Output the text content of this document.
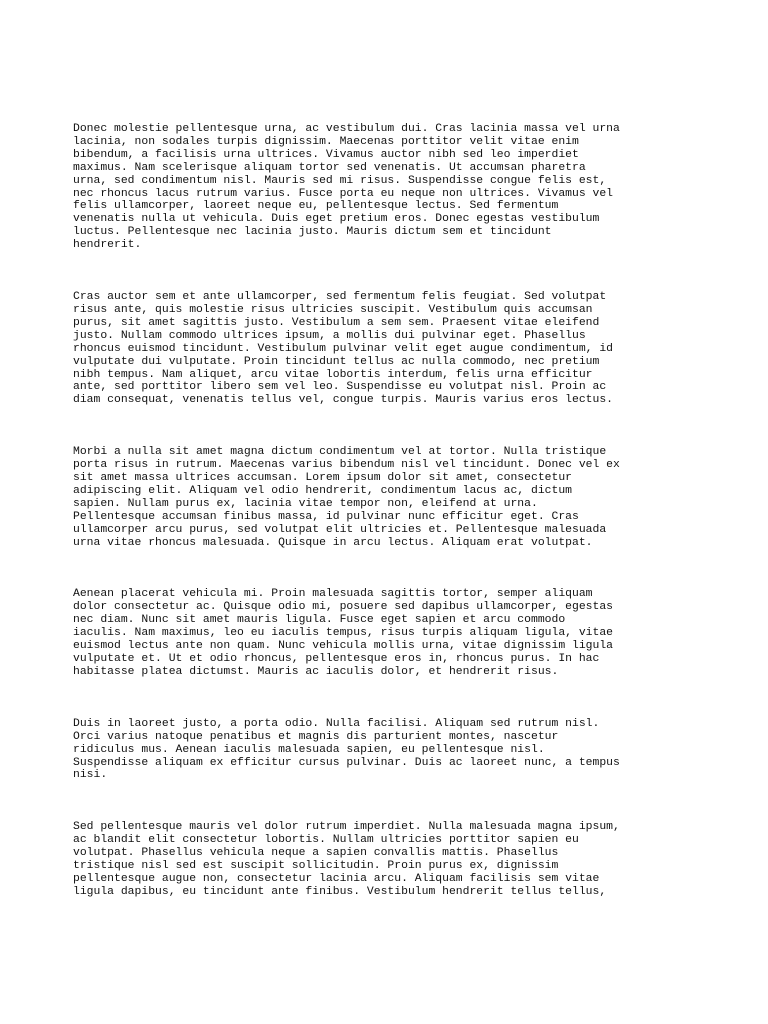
Donec molestie pellentesque urna, ac vestibulum dui. Cras lacinia massa vel urna
lacinia, non sodales turpis dignissim. Maecenas porttitor velit vitae enim
bibendum, a facilisis urna ultrices. Vivamus auctor nibh sed leo imperdiet
maximus. Nam scelerisque aliquam tortor sed venenatis. Ut accumsan pharetra
urna, sed condimentum nisl. Mauris sed mi risus. Suspendisse congue felis est,
nec rhoncus lacus rutrum varius. Fusce porta eu neque non ultrices. Vivamus vel
felis ullamcorper, laoreet neque eu, pellentesque lectus. Sed fermentum
venenatis nulla ut vehicula. Duis eget pretium eros. Donec egestas vestibulum
luctus. Pellentesque nec lacinia justo. Mauris dictum sem et tincidunt
hendrerit.

Cras auctor sem et ante ullamcorper, sed fermentum felis feugiat. Sed volutpat
risus ante, quis molestie risus ultricies suscipit. Vestibulum quis accumsan
purus, sit amet sagittis justo. Vestibulum a sem sem. Praesent vitae eleifend
justo. Nullam commodo ultrices ipsum, a mollis dui pulvinar eget. Phasellus
rhoncus euismod tincidunt. Vestibulum pulvinar velit eget augue condimentum, id
vulputate dui vulputate. Proin tincidunt tellus ac nulla commodo, nec pretium
nibh tempus. Nam aliquet, arcu vitae lobortis interdum, felis urna efficitur
ante, sed porttitor libero sem vel leo. Suspendisse eu volutpat nisl. Proin ac
diam consequat, venenatis tellus vel, congue turpis. Mauris varius eros lectus.

Morbi a nulla sit amet magna dictum condimentum vel at tortor. Nulla tristique
porta risus in rutrum. Maecenas varius bibendum nisl vel tincidunt. Donec vel ex
sit amet massa ultrices accumsan. Lorem ipsum dolor sit amet, consectetur
adipiscing elit. Aliquam vel odio hendrerit, condimentum lacus ac, dictum
sapien. Nullam purus ex, lacinia vitae tempor non, eleifend at urna.
Pellentesque accumsan finibus massa, id pulvinar nunc efficitur eget. Cras
ullamcorper arcu purus, sed volutpat elit ultricies et. Pellentesque malesuada
urna vitae rhoncus malesuada. Quisque in arcu lectus. Aliquam erat volutpat.

Aenean placerat vehicula mi. Proin malesuada sagittis tortor, semper aliquam
dolor consectetur ac. Quisque odio mi, posuere sed dapibus ullamcorper, egestas
nec diam. Nunc sit amet mauris ligula. Fusce eget sapien et arcu commodo
iaculis. Nam maximus, leo eu iaculis tempus, risus turpis aliquam ligula, vitae
euismod lectus ante non quam. Nunc vehicula mollis urna, vitae dignissim ligula
vulputate et. Ut et odio rhoncus, pellentesque eros in, rhoncus purus. In hac
habitasse platea dictumst. Mauris ac iaculis dolor, et hendrerit risus.

Duis in laoreet justo, a porta odio. Nulla facilisi. Aliquam sed rutrum nisl.
Orci varius natoque penatibus et magnis dis parturient montes, nascetur
ridiculus mus. Aenean iaculis malesuada sapien, eu pellentesque nisl.
Suspendisse aliquam ex efficitur cursus pulvinar. Duis ac laoreet nunc, a tempus
nisi.

Sed pellentesque mauris vel dolor rutrum imperdiet. Nulla malesuada magna ipsum,
ac blandit elit consectetur lobortis. Nullam ultricies porttitor sapien eu
volutpat. Phasellus vehicula neque a sapien convallis mattis. Phasellus
tristique nisl sed est suscipit sollicitudin. Proin purus ex, dignissim
pellentesque augue non, consectetur lacinia arcu. Aliquam facilisis sem vitae
ligula dapibus, eu tincidunt ante finibus. Vestibulum hendrerit tellus tellus,
